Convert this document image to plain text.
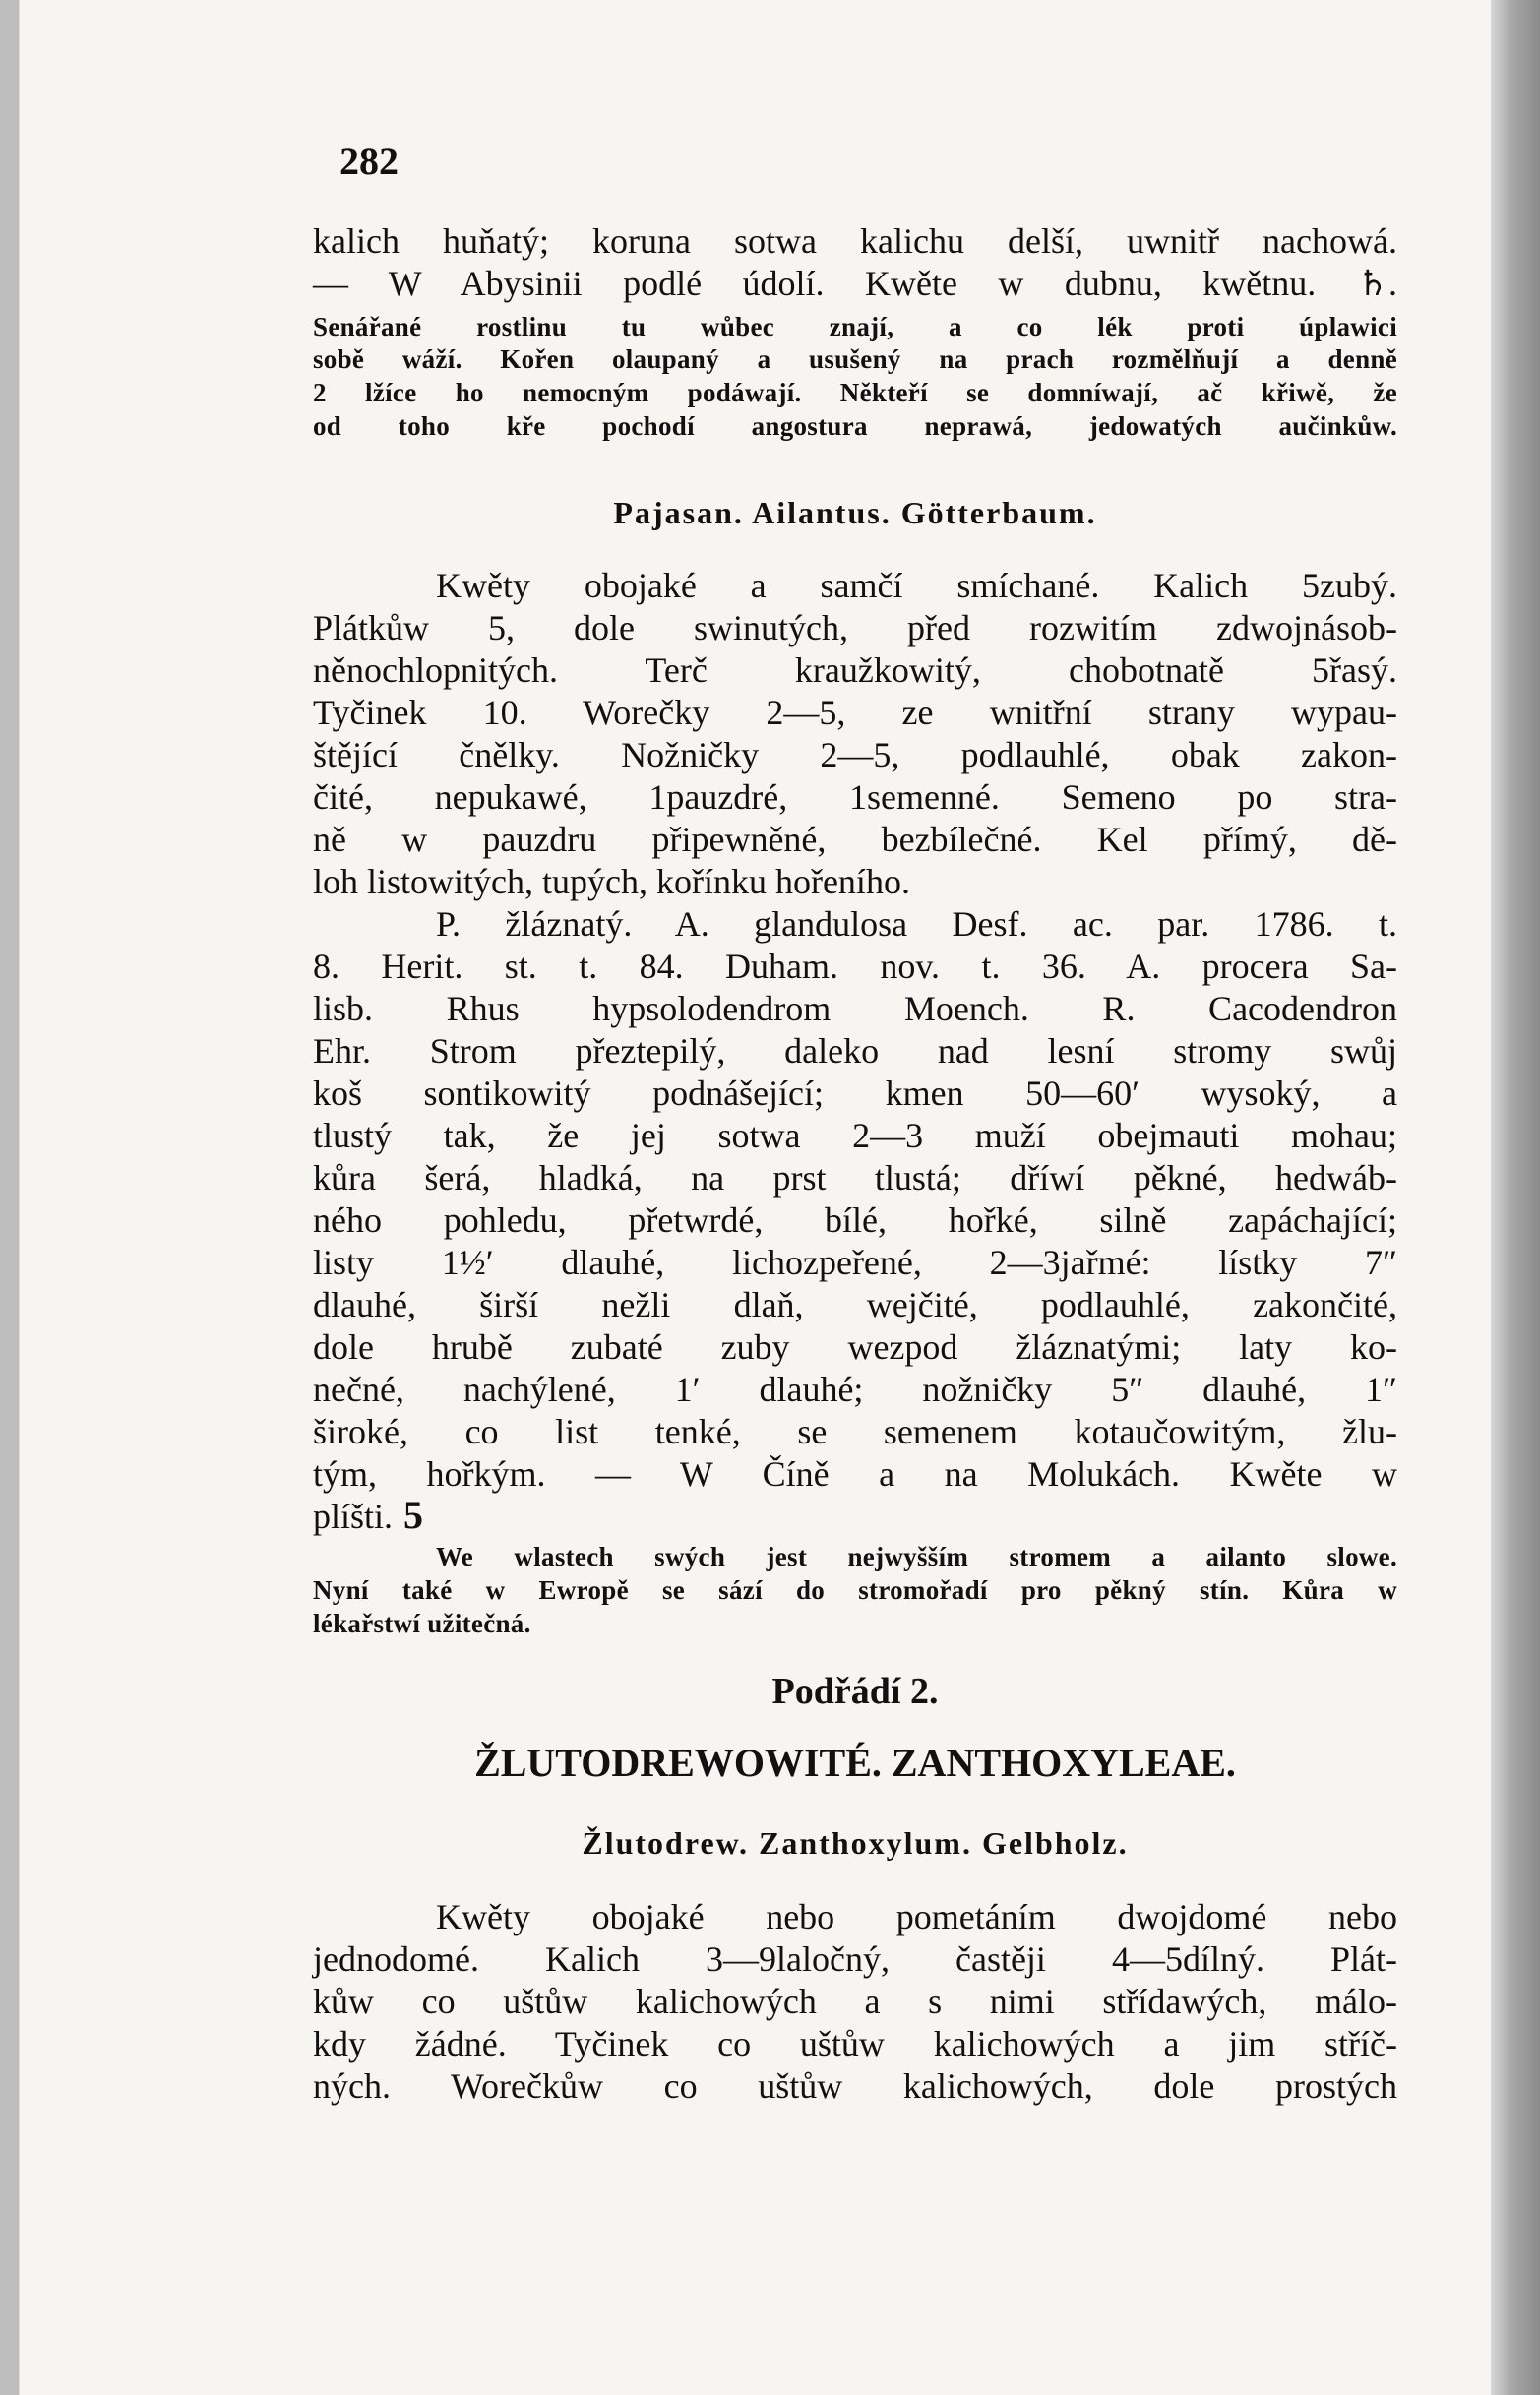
282
kalich huňatý; koruna sotwa kalichu delší, uwnitř nachowá.
— W Abysinii podlé údolí. Kwěte w dubnu, kwětnu. ♄.
Senářané rostlinu tu wůbec znají, a co lék proti úplawici
sobě wáží. Kořen olaupaný a usušený na prach rozmělňují a denně
2 lžíce ho nemocným podáwají. Někteří se domníwají, ač křiwě, že
od toho kře pochodí angostura neprawá, jedowatých aučinkůw.
Pajasan. Ailantus. Götterbaum.
Kwěty obojaké a samčí smíchané. Kalich 5zubý.
Plátkůw 5, dole swinutých, před rozwitím zdwojnásob-
něnochlopnitých. Terč kraužkowitý, chobotnatě 5řasý.
Tyčinek 10. Worečky 2—5, ze wnitřní strany wypau-
štějící čnělky. Nožničky 2—5, podlauhlé, obak zakon-
čité, nepukawé, 1pauzdré, 1semenné. Semeno po stra-
ně w pauzdru připewněné, bezbílečné. Kel přímý, dě-
loh listowitých, tupých, kořínku hořeního.
P. žláznatý. A. glandulosa Desf. ac. par. 1786. t.
8. Herit. st. t. 84. Duham. nov. t. 36. A. procera Sa-
lisb. Rhus hypsolodendrom Moench. R. Cacodendron
Ehr. Strom přeztepilý, daleko nad lesní stromy swůj
koš sontikowitý podnášející; kmen 50—60′ wysoký, a
tlustý tak, že jej sotwa 2—3 muží obejmauti mohau;
kůra šerá, hladká, na prst tlustá; dříwí pěkné, hedwáb-
ného pohledu, přetwrdé, bílé, hořké, silně zapáchající;
listy 1½′ dlauhé, lichozpeřené, 2—3jařmé: lístky 7″
dlauhé, širší nežli dlaň, wejčité, podlauhlé, zakončité,
dole hrubě zubaté zuby wezpod žláznatými; laty ko-
nečné, nachýlené, 1′ dlauhé; nožničky 5″ dlauhé, 1″
široké, co list tenké, se semenem kotaučowitým, žlu-
tým, hořkým. — W Číně a na Molukách. Kwěte w
plíšti. 5
We wlastech swých jest nejwyšším stromem a ailanto slowe.
Nyní také w Ewropě se sází do stromořadí pro pěkný stín. Kůra w
lékařstwí užitečná.
Podřádí 2.
ŽLUTODREWOWITÉ. ZANTHOXYLEAE.
Žlutodrew. Zanthoxylum. Gelbholz.
Kwěty obojaké nebo pometáním dwojdomé nebo
jednodomé. Kalich 3—9laločný, častěji 4—5dílný. Plát-
kůw co uštůw kalichowých a s nimi střídawých, málo-
kdy žádné. Tyčinek co uštůw kalichowých a jim stříč-
ných. Worečkůw co uštůw kalichowých, dole prostých
